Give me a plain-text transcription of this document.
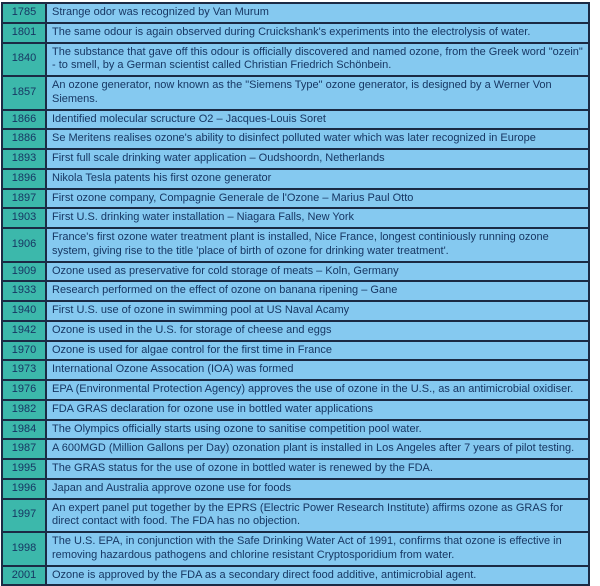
1785	Strange odor was recognized by Van Murum
1801	The same odour is again observed during Cruickshank's experiments into the electrolysis of water.
1840	The substance that gave off this odour is officially discovered and named ozone, from the Greek word "ozein" - to smell, by a German scientist called Christian Friedrich Schönbein.
1857	An ozone generator, now known as the "Siemens Type" ozone generator, is designed by a Werner Von Siemens.
1866	Identified molecular scructure O2 – Jacques-Louis Soret
1886	Se Meritens realises ozone's ability to disinfect polluted water which was later recognized in Europe
1893	First full scale drinking water application – Oudshoordn, Netherlands
1896	Nikola Tesla patents his first ozone generator
1897	First ozone company, Compagnie Generale de l'Ozone – Marius Paul Otto
1903	First U.S. drinking water installation – Niagara Falls, New York
1906	France's first ozone water treatment plant is installed, Nice France, longest continiously running ozone system, giving rise to the title 'place of birth of ozone for drinking water treatment'.
1909	Ozone used as preservative for cold storage of meats – Koln, Germany
1933	Research performed on the effect of ozone on banana ripening – Gane
1940	First U.S. use of ozone in swimming pool at US Naval Acamy
1942	Ozone is used in the U.S. for storage of cheese and eggs
1970	Ozone is used for algae control for the first time in France
1973	International Ozone Assocation (IOA) was formed
1976	EPA (Environmental Protection Agency) approves the use of ozone in the U.S., as an antimicrobial oxidiser.
1982	FDA GRAS declaration for ozone use in bottled water applications
1984	The Olympics officially starts using ozone to sanitise competition pool water.
1987	A 600MGD (Million Gallons per Day) ozonation plant is installed in Los Angeles after 7 years of pilot testing.
1995	The GRAS status for the use of ozone in bottled water is renewed by the FDA.
1996	Japan and Australia approve ozone use for foods
1997	An expert panel put together by the EPRS (Electric Power Research Institute) affirms ozone as GRAS for direct contact with food. The FDA has no objection.
1998	The U.S. EPA, in conjunction with the Safe Drinking Water Act of 1991, confirms that ozone is effective in removing hazardous pathogens and chlorine resistant Cryptosporidium from water.
2001	Ozone is approved by the FDA as a secondary direct food additive, antimicrobial agent.
